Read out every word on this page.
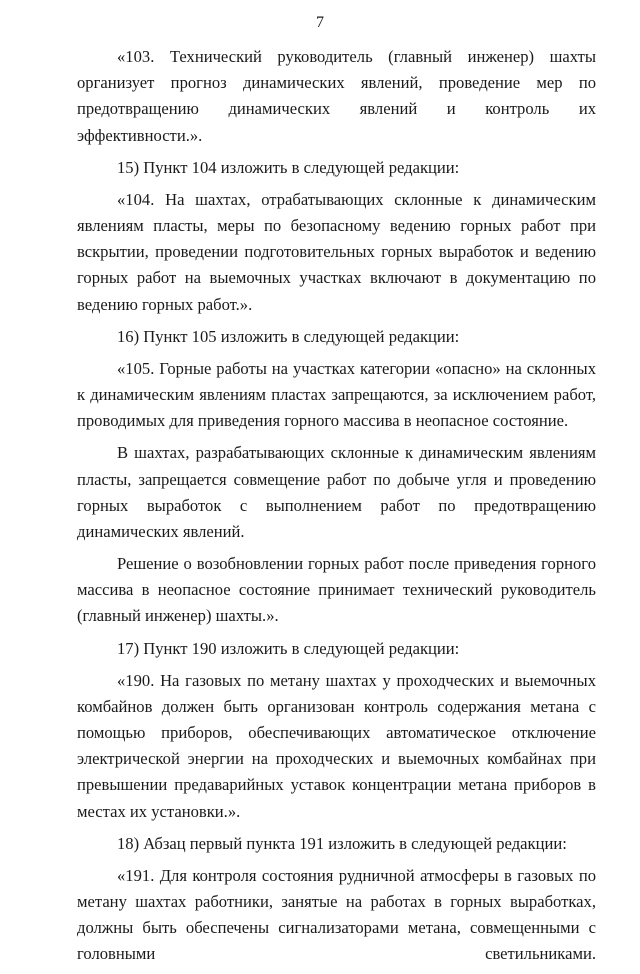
7

«103. Технический руководитель (главный инженер) шахты организует прогноз динамических явлений, проведение мер по предотвращению динамических явлений и контроль их эффективности.».

15) Пункт 104 изложить в следующей редакции:

«104. На шахтах, отрабатывающих склонные к динамическим явлениям пласты, меры по безопасному ведению горных работ при вскрытии, проведении подготовительных горных выработок и ведению горных работ на выемочных участках включают в документацию по ведению горных работ.».

16) Пункт 105 изложить в следующей редакции:

«105. Горные работы на участках категории «опасно» на склонных к динамическим явлениям пластах запрещаются, за исключением работ, проводимых для приведения горного массива в неопасное состояние.

В шахтах, разрабатывающих склонные к динамическим явлениям пласты, запрещается совмещение работ по добыче угля и проведению горных выработок с выполнением работ по предотвращению динамических явлений.

Решение о возобновлении горных работ после приведения горного массива в неопасное состояние принимает технический руководитель (главный инженер) шахты.».

17) Пункт 190 изложить в следующей редакции:

«190. На газовых по метану шахтах у проходческих и выемочных комбайнов должен быть организован контроль содержания метана с помощью приборов, обеспечивающих автоматическое отключение электрической энергии на проходческих и выемочных комбайнах при превышении предаварийных уставок концентрации метана приборов в местах их установки.».

18) Абзац первый пункта 191 изложить в следующей редакции:

«191. Для контроля состояния рудничной атмосферы в газовых по метану шахтах работники, занятые на работах в горных выработках, должны быть обеспечены сигнализаторами метана, совмещенными с головными светильниками.
